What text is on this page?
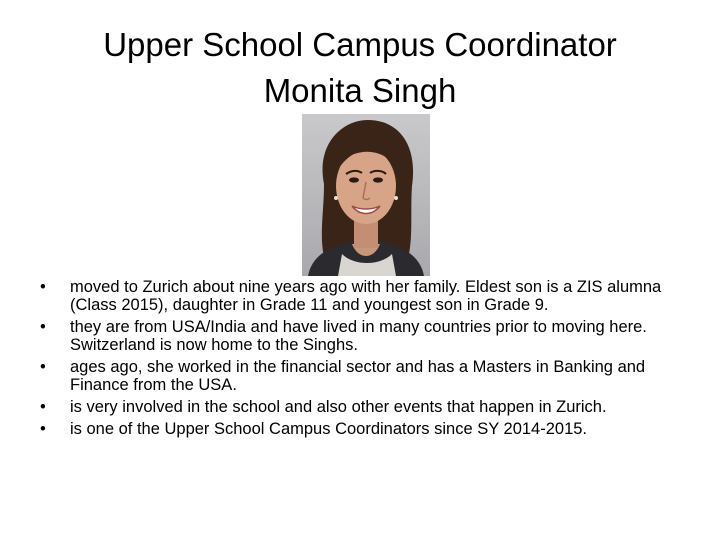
Upper School Campus Coordinator
Monita Singh
•	moved to Zurich about nine years ago with her family. Eldest son is a ZIS alumna (Class 2015), daughter in Grade 11 and youngest son in Grade 9.
•	they are from USA/India and have lived in many countries prior to moving here. Switzerland is now home to the Singhs.
•	ages ago, she worked in the financial sector and has a Masters in Banking and Finance from the USA.
•	is very involved in the school and also other events that happen in Zurich.
•	is one of the Upper School Campus Coordinators since SY 2014-2015.
